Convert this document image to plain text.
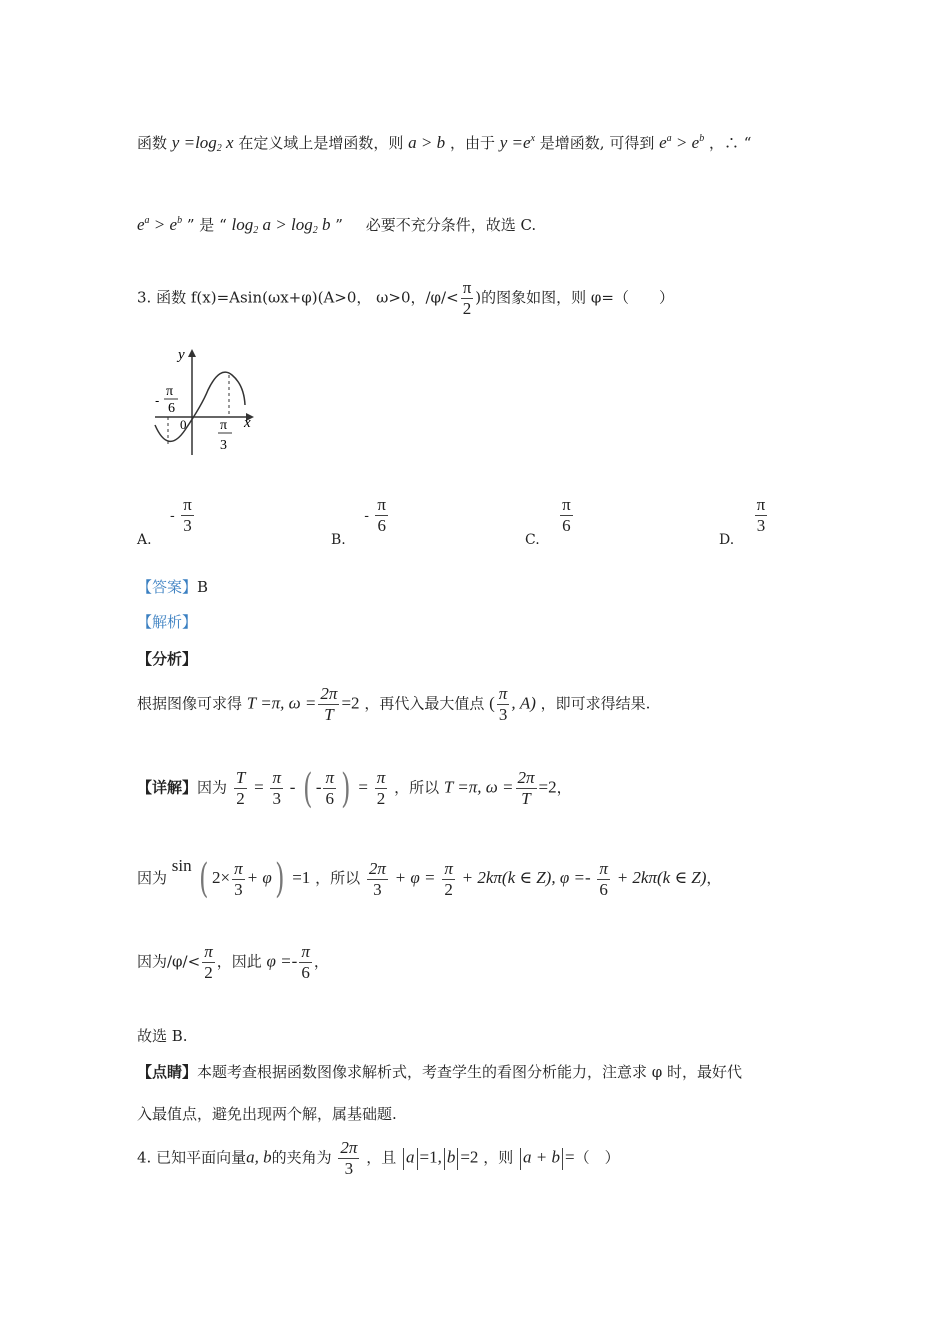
函数 $y =\log_2$ x 在定义域上是增函数，则 a > b ，由于 $y =e^x$ 是增函数, 可得到 $e^a > e^b$ ，∴ “
$e^a > e^b$ ” 是 “ $\log_2 a > \log_2 b$ ” 必要不充分条件，故选 C.
3. 函数 f(x)=Asin(ωx+φ)(A>0， ω>0，$/\varphi/< \frac{\pi}{2}$ )的图象如图，则 φ=（　　）
y
x
0
-
π
6
π
3
A. - $\frac{\pi}{3}$
B. - $\frac{\pi}{6}$
C.
$\frac{\pi}{6}$
D.
$\frac{\pi}{3}$
【答案】B
【解析】
【分析】
根据图像可求得 T =π, $\omega = \frac{2\pi}{T} =2$ ，再代入最大值点 ( $\frac{\pi}{3}$ , A) ，即可求得结果.
【详解】因为 $\frac{T}{2} = \frac{\pi}{3}$ - ( - $\frac{\pi}{6}$ ) = $\frac{\pi}{2}$ ，所以 T =π, $\omega = \frac{2\pi}{T} =2$，
因为 sin ( $2\times \frac{\pi}{3} + \varphi) =1$ ，所以 $\frac{2\pi}{3} + \varphi = \frac{\pi}{2} + 2k\pi(k$ ∈ Z), $\varphi =- \frac{\pi}{6} + 2k\pi(k$ ∈ Z)，
因为$/\varphi/< \frac{\pi}{2}$ ，因此 $\varphi =- \frac{\pi}{6}$ ，
故选 B.
【点睛】本题考查根据函数图像求解析式，考查学生的看图分析能力，注意求 φ 时，最好代
入最值点，避免出现两个解，属基础题.
4. 已知平面向量a, b的夹角为 $\frac{2\pi}{3}$ ，且 a =1, b =2 ，则 a + b =（　）
